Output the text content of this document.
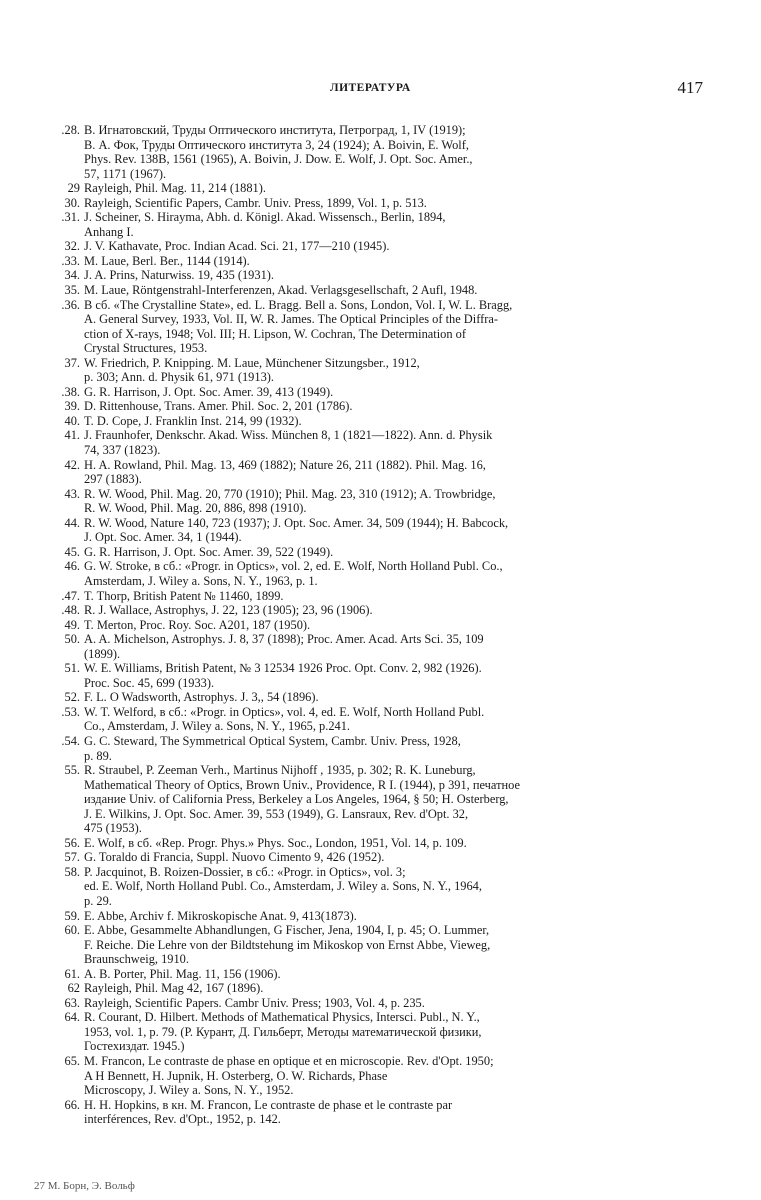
ЛИТЕРАТУРА	417
.28. В. Игнатовский, Труды Оптического института, Петроград, 1, IV (1919);
В. А. Фок, Труды Оптического института 3, 24 (1924); A. Boivin, E. Wolf,
Phys. Rev. 138B, 1561 (1965), A. Boivin, J. Dow. E. Wolf, J. Opt. Soc. Amer.,
57, 1171 (1967).
29 Rayleigh, Phil. Mag. 11, 214 (1881).
30. Rayleigh, Scientific Papers, Cambr. Univ. Press, 1899, Vol. 1, p. 513.
.31. J. Scheiner, S. Hirayma, Abh. d. Königl. Akad. Wissensch., Berlin, 1894,
Anhang I.
32. J. V. Kathavate, Proc. Indian Acad. Sci. 21, 177—210 (1945).
.33. M. Laue, Berl. Ber., 1144 (1914).
34. J. A. Prins, Naturwiss. 19, 435 (1931).
35. M. Laue, Röntgenstrahl-Interferenzen, Akad. Verlagsgesellschaft, 2 Aufl, 1948.
.36. В сб. «The Crystalline State», ed. L. Bragg. Bell a. Sons, London, Vol. I, W. L. Bragg,
A. General Survey, 1933, Vol. II, W. R. James. The Optical Principles of the Diffra-
ction of X-rays, 1948; Vol. III; H. Lipson, W. Cochran, The Determination of
Crystal Structures, 1953.
37. W. Friedrich, P. Knipping. M. Laue, Münchener Sitzungsber., 1912,
p. 303; Ann. d. Physik 61, 971 (1913).
.38. G. R. Harrison, J. Opt. Soc. Amer. 39, 413 (1949).
39. D. Rittenhouse, Trans. Amer. Phil. Soc. 2, 201 (1786).
40. T. D. Cope, J. Franklin Inst. 214, 99 (1932).
41. J. Fraunhofer, Denkschr. Akad. Wiss. München 8, 1 (1821—1822). Ann. d. Physik
74, 337 (1823).
42. H. A. Rowland, Phil. Mag. 13, 469 (1882); Nature 26, 211 (1882). Phil. Mag. 16,
297 (1883).
43. R. W. Wood, Phil. Mag. 20, 770 (1910); Phil. Mag. 23, 310 (1912); A. Trowbridge,
R. W. Wood, Phil. Mag. 20, 886, 898 (1910).
44. R. W. Wood, Nature 140, 723 (1937); J. Opt. Soc. Amer. 34, 509 (1944); H. Babcock,
J. Opt. Soc. Amer. 34, 1 (1944).
45. G. R. Harrison, J. Opt. Soc. Amer. 39, 522 (1949).
46. G. W. Stroke, в сб.: «Progr. in Optics», vol. 2, ed. E. Wolf, North Holland Publ. Co.,
Amsterdam, J. Wiley a. Sons, N. Y., 1963, p. 1.
.47. T. Thorp, British Patent № 11460, 1899.
.48. R. J. Wallace, Astrophys, J. 22, 123 (1905); 23, 96 (1906).
49. T. Merton, Proc. Roy. Soc. A201, 187 (1950).
50. A. A. Michelson, Astrophys. J. 8, 37 (1898); Proc. Amer. Acad. Arts Sci. 35, 109
(1899).
51. W. E. Williams, British Patent, № 3 12534 1926 Proc. Opt. Conv. 2, 982 (1926).
Proc. Soc. 45, 699 (1933).
52. F. L. O Wadsworth, Astrophys. J. 3,, 54 (1896).
.53. W. T. Welford, в сб.: «Progr. in Optics», vol. 4, ed. E. Wolf, North Holland Publ.
Co., Amsterdam, J. Wiley a. Sons, N. Y., 1965, p.241.
.54. G. C. Steward, The Symmetrical Optical System, Cambr. Univ. Press, 1928,
p. 89.
55. R. Straubel, P. Zeeman Verh., Martinus Nijhoff , 1935, p. 302; R. K. Luneburg,
Mathematical Theory of Optics, Brown Univ., Providence, R I. (1944), p 391, печатное
издание Univ. of California Press, Berkeley a Los Angeles, 1964, § 50; H. Osterberg,
J. E. Wilkins, J. Opt. Soc. Amer. 39, 553 (1949), G. Lansraux, Rev. d'Opt. 32,
475 (1953).
56. E. Wolf, в сб. «Rep. Progr. Phys.» Phys. Soc., London, 1951, Vol. 14, p. 109.
57. G. Toraldo di Francia, Suppl. Nuovo Cimento 9, 426 (1952).
58. P. Jacquinot, B. Roizen-Dossier, в сб.: «Progr. in Optics», vol. 3;
ed. E. Wolf, North Holland Publ. Co., Amsterdam, J. Wiley a. Sons, N. Y., 1964,
p. 29.
59. E. Abbe, Archiv f. Mikroskopische Anat. 9, 413(1873).
60. E. Abbe, Gesammelte Abhandlungen, G Fischer, Jena, 1904, I, p. 45; O. Lummer,
F. Reiche. Die Lehre von der Bildtstehung im Mikoskop von Ernst Abbe, Vieweg,
Braunschweig, 1910.
61. A. B. Porter, Phil. Mag. 11, 156 (1906).
62 Rayleigh, Phil. Mag 42, 167 (1896).
63. Rayleigh, Scientific Papers. Cambr Univ. Press; 1903, Vol. 4, p. 235.
64. R. Courant, D. Hilbert. Methods of Mathematical Physics, Intersci. Publ., N. Y.,
1953, vol. 1, p. 79. (Р. Курант, Д. Гильберт, Методы математической физики,
Гостехиздат. 1945.)
65. M. Francon, Le contraste de phase en optique et en microscopie. Rev. d'Opt. 1950;
A H Bennett, H. Jupnik, H. Osterberg, O. W. Richards, Phase
Microscopy, J. Wiley a. Sons, N. Y., 1952.
66. H. H. Hopkins, в кн. M. Francon, Le contraste de phase et le contraste par
interférences, Rev. d'Opt., 1952, p. 142.
27 М. Борн, Э. Вольф
